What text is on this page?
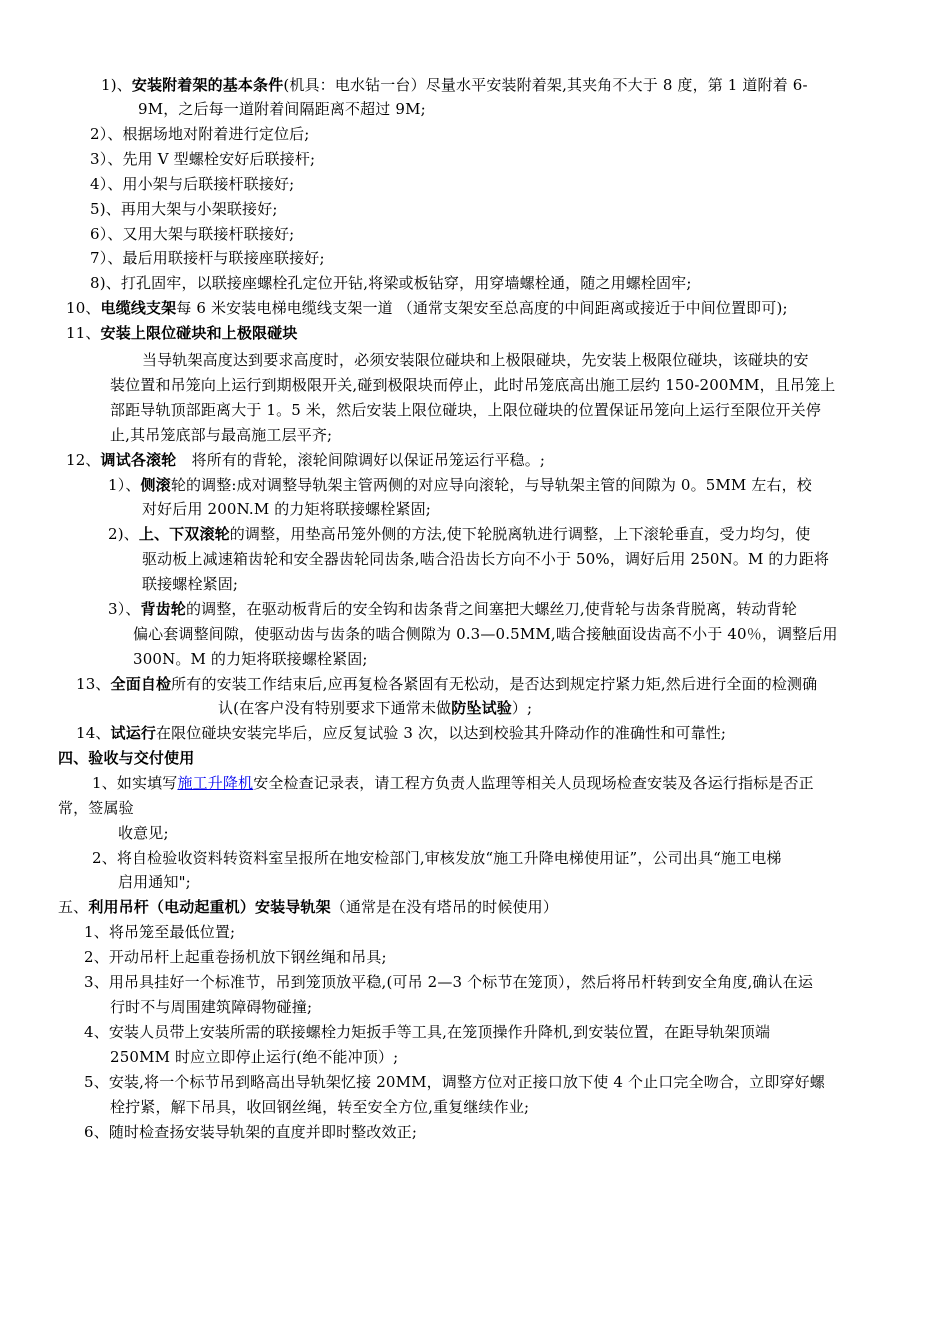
1)、安装附着架的基本条件(机具：电水钻一台）尽量水平安装附着架,其夹角不大于 8 度，第 1 道附着 6-
9M，之后每一道附着间隔距离不超过 9M;
2）、根据场地对附着进行定位后;
3）、先用 V 型螺栓安好后联接杆;
4）、用小架与后联接杆联接好;
5)、再用大架与小架联接好;
6）、又用大架与联接杆联接好;
7）、最后用联接杆与联接座联接好;
8)、打孔固牢，以联接座螺栓孔定位开钻,将梁或板钻穿，用穿墙螺栓通，随之用螺栓固牢;
10、电缆线支架每 6 米安装电梯电缆线支架一道 （通常支架安至总高度的中间距离或接近于中间位置即可);
11、安装上限位碰块和上极限碰块
当导轨架高度达到要求高度时，必须安装限位碰块和上极限碰块，先安装上极限位碰块，该碰块的安
装位置和吊笼向上运行到期极限开关,碰到极限块而停止，此时吊笼底高出施工层约 150-200MM，且吊笼上
部距导轨顶部距离大于 1。5 米，然后安装上限位碰块，上限位碰块的位置保证吊笼向上运行至限位开关停
止,其吊笼底部与最高施工层平齐;
12、调试各滚轮　将所有的背轮，滚轮间隙调好以保证吊笼运行平稳。;
1）、侧滚轮的调整:成对调整导轨架主管两侧的对应导向滚轮，与导轨架主管的间隙为 0。5MM 左右，校
对好后用 200N.M 的力矩将联接螺栓紧固;
2)、上、下双滚轮的调整，用垫高吊笼外侧的方法,使下轮脱离轨进行调整，上下滚轮垂直，受力均匀，使
驱动板上减速箱齿轮和安全器齿轮同齿条,啮合沿齿长方向不小于 50%，调好后用 250N。M 的力距将
联接螺栓紧固;
3）、背齿轮的调整，在驱动板背后的安全钩和齿条背之间塞把大螺丝刀,使背轮与齿条背脱离，转动背轮
偏心套调整间隙，使驱动齿与齿条的啮合侧隙为 0.3—0.5MM,啮合接触面设齿高不小于 40％，调整后用
300N。M 的力矩将联接螺栓紧固;
13、全面自检所有的安装工作结束后,应再复检各紧固有无松动，是否达到规定拧紧力矩,然后进行全面的检测确
认(在客户没有特别要求下通常未做防坠试验）;
14、试运行在限位碰块安装完毕后，应反复试验 3 次，以达到校验其升降动作的准确性和可靠性;
四、验收与交付使用
1、如实填写施工升降机安全检查记录表，请工程方负责人监理等相关人员现场检查安装及各运行指标是否正
常，签属验
收意见;
2、将自检验收资料转资料室呈报所在地安检部门,审核发放“施工升降电梯使用证”，公司出具“施工电梯
启用通知";
五、利用吊杆（电动起重机）安装导轨架（通常是在没有塔吊的时候使用）
1、将吊笼至最低位置;
2、开动吊杆上起重卷扬机放下钢丝绳和吊具;
3、用吊具挂好一个标准节，吊到笼顶放平稳,(可吊 2—3 个标节在笼顶），然后将吊杆转到安全角度,确认在运
行时不与周围建筑障碍物碰撞;
4、安装人员带上安装所需的联接螺栓力矩扳手等工具,在笼顶操作升降机,到安装位置，在距导轨架顶端
250MM 时应立即停止运行(绝不能冲顶）;
5、安装,将一个标节吊到略高出导轨架忆接 20MM，调整方位对正接口放下使 4 个止口完全吻合，立即穿好螺
栓拧紧，解下吊具，收回钢丝绳，转至安全方位,重复继续作业;
6、随时检查扬安装导轨架的直度并即时整改效正;
